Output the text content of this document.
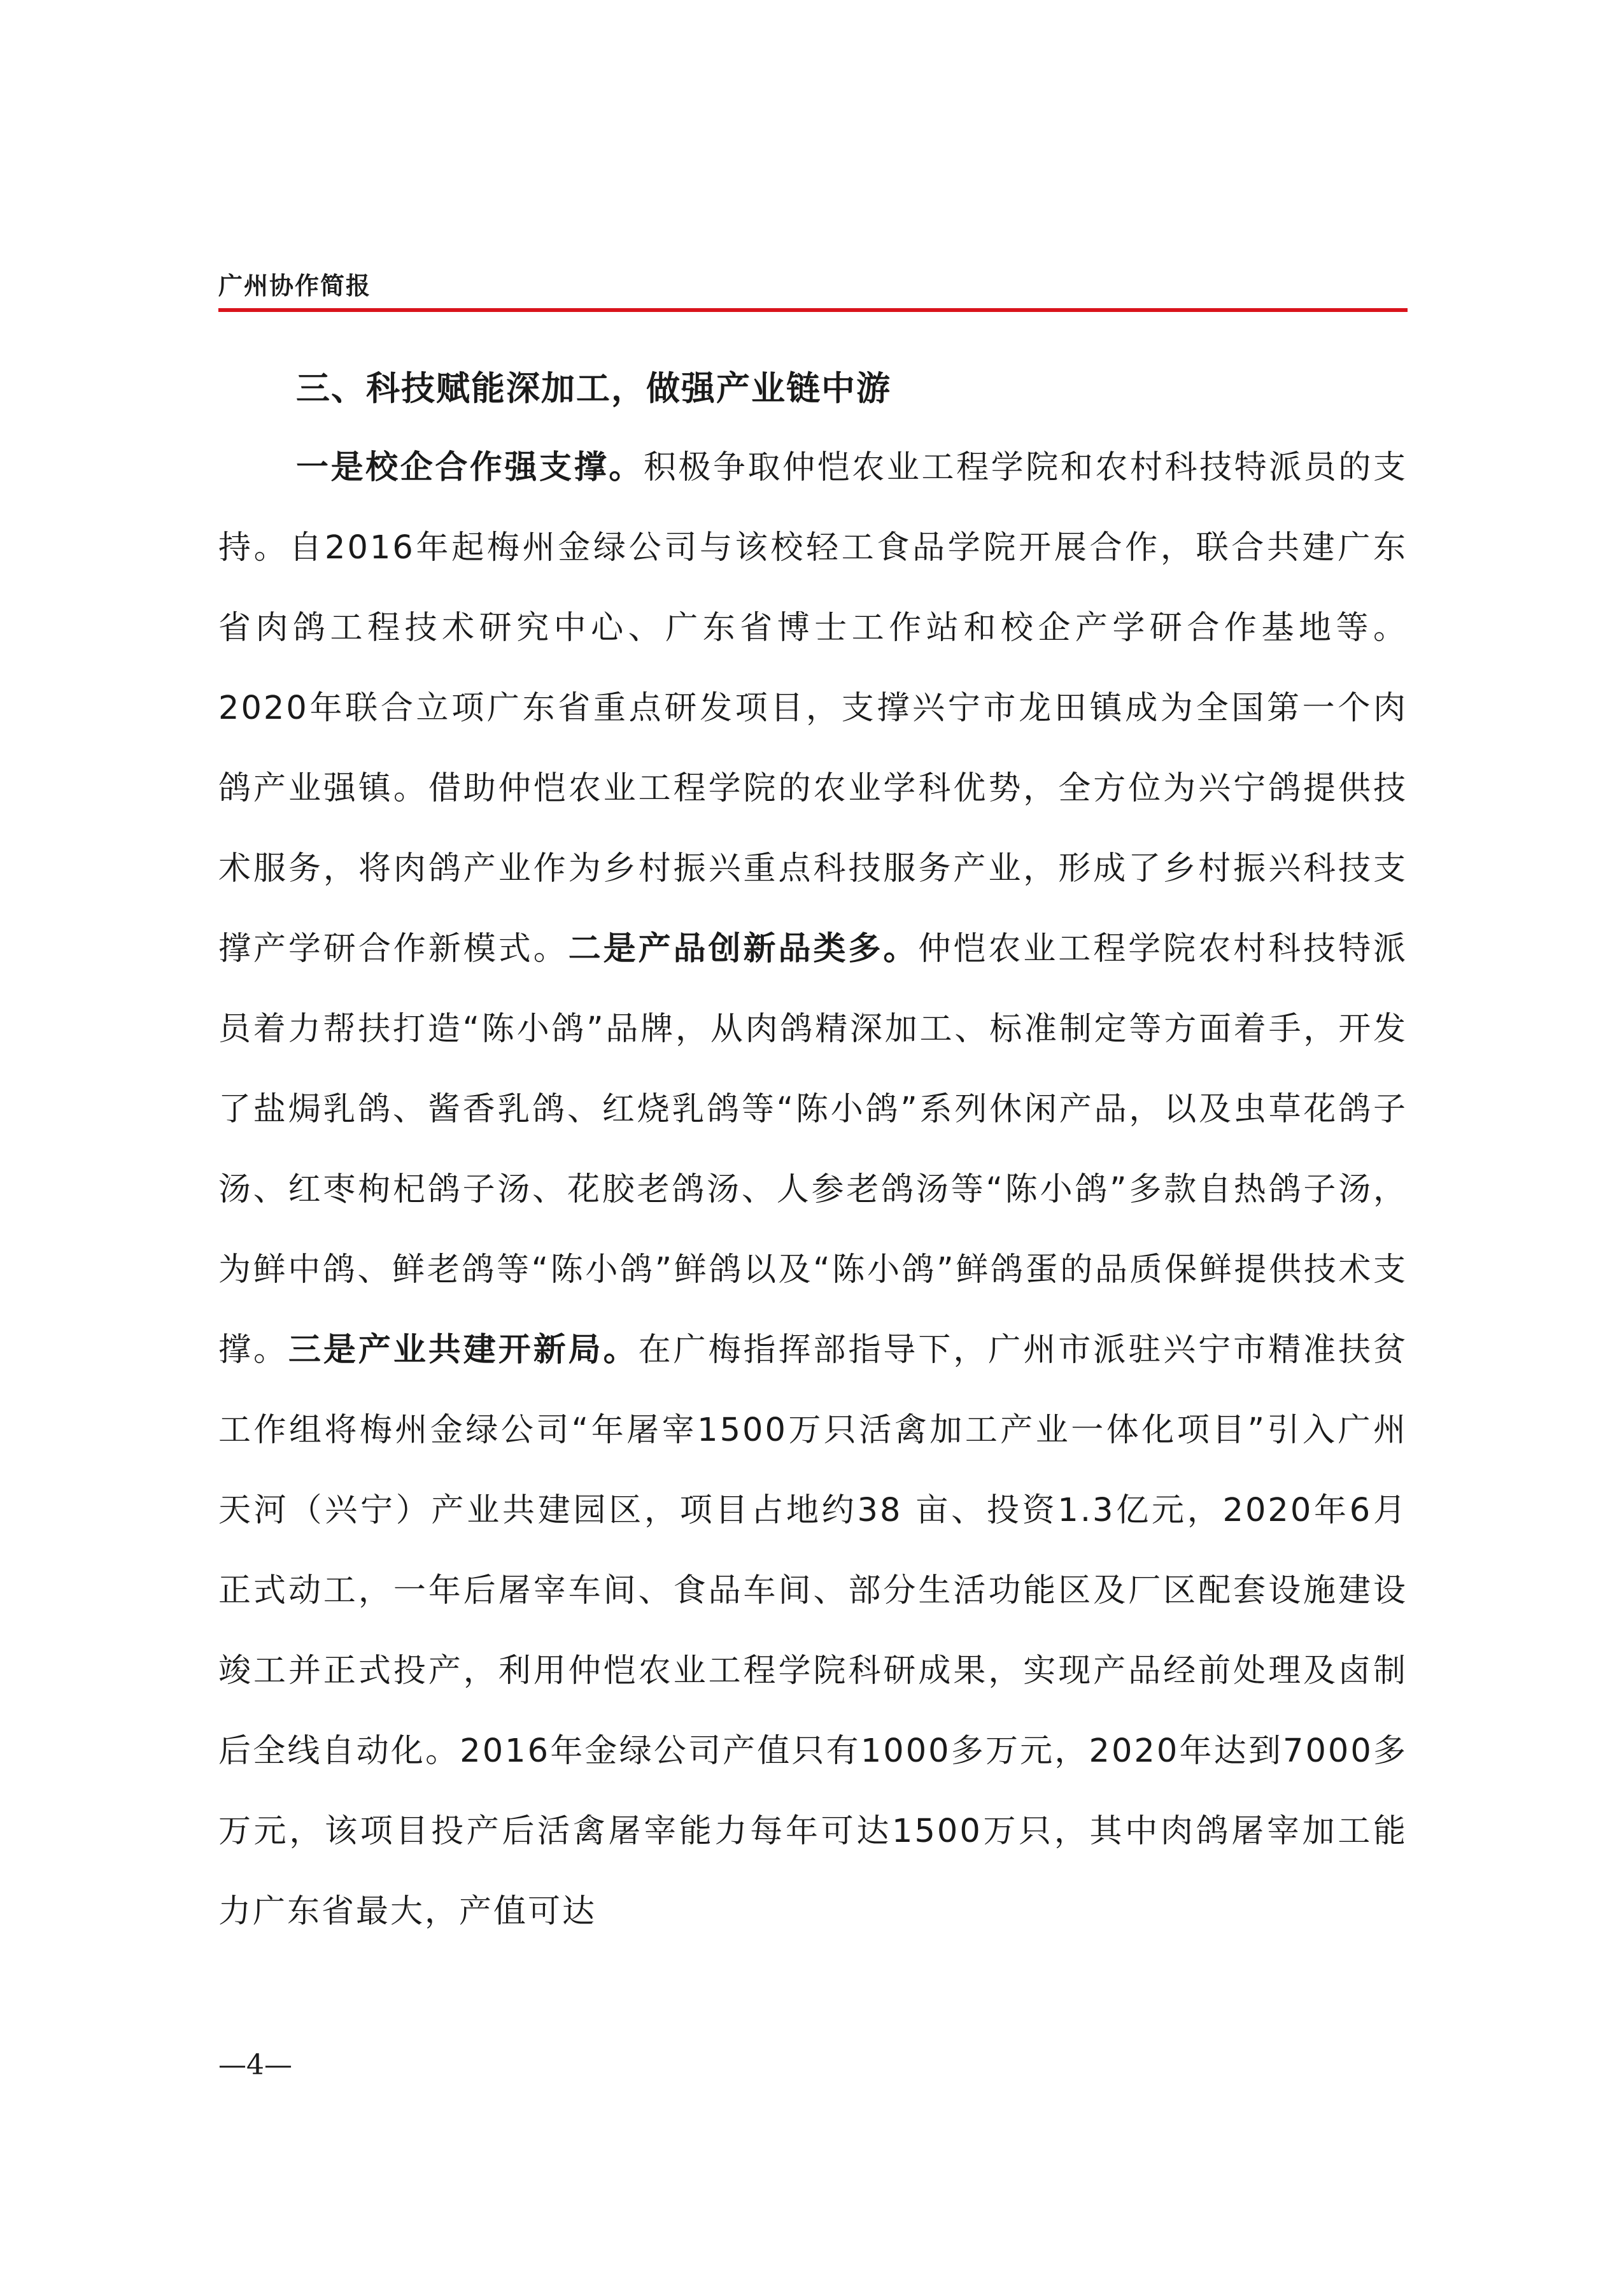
广州协作简报
三、科技赋能深加工，做强产业链中游
一是校企合作强支撑。积极争取仲恺农业工程学院和农村科技特派员的支持。自2016年起梅州金绿公司与该校轻工食品学院开展合作，联合共建广东省肉鸽工程技术研究中心、广东省博士工作站和校企产学研合作基地等。2020年联合立项广东省重点研发项目，支撑兴宁市龙田镇成为全国第一个肉鸽产业强镇。借助仲恺农业工程学院的农业学科优势，全方位为兴宁鸽提供技术服务，将肉鸽产业作为乡村振兴重点科技服务产业，形成了乡村振兴科技支撑产学研合作新模式。二是产品创新品类多。仲恺农业工程学院农村科技特派员着力帮扶打造“陈小鸽”品牌，从肉鸽精深加工、标准制定等方面着手，开发了盐焗乳鸽、酱香乳鸽、红烧乳鸽等“陈小鸽”系列休闲产品，以及虫草花鸽子汤、红枣枸杞鸽子汤、花胶老鸽汤、人参老鸽汤等“陈小鸽”多款自热鸽子汤，为鲜中鸽、鲜老鸽等“陈小鸽”鲜鸽以及“陈小鸽”鲜鸽蛋的品质保鲜提供技术支撑。三是产业共建开新局。在广梅指挥部指导下，广州市派驻兴宁市精准扶贫工作组将梅州金绿公司“年屠宰1500万只活禽加工产业一体化项目”引入广州天河（兴宁）产业共建园区，项目占地约38 亩、投资1.3亿元，2020年6月正式动工，一年后屠宰车间、食品车间、部分生活功能区及厂区配套设施建设竣工并正式投产，利用仲恺农业工程学院科研成果，实现产品经前处理及卤制后全线自动化。2016年金绿公司产值只有1000多万元，2020年达到7000多万元，该项目投产后活禽屠宰能力每年可达1500万只，其中肉鸽屠宰加工能力广东省最大，产值可达
—4—
